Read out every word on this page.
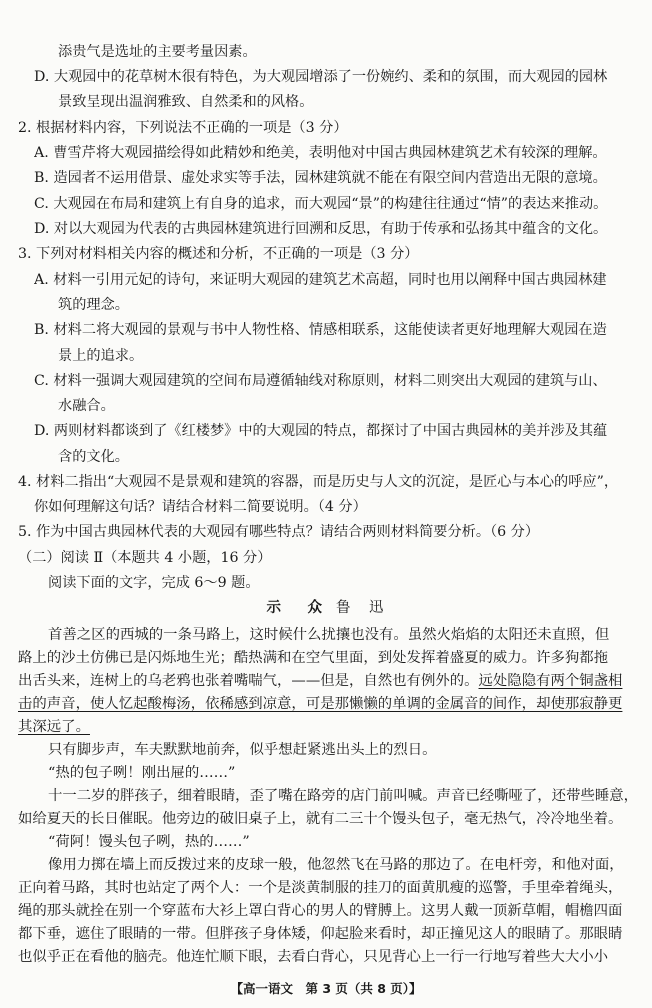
添贵气是选址的主要考量因素。
D. 大观园中的花草树木很有特色，为大观园增添了一份婉约、柔和的氛围，而大观园的园林
景致呈现出温润雅致、自然柔和的风格。
2. 根据材料内容，下列说法不正确的一项是（3 分）
A. 曹雪芹将大观园描绘得如此精妙和绝美，表明他对中国古典园林建筑艺术有较深的理解。
B. 造园者不运用借景、虚处求实等手法，园林建筑就不能在有限空间内营造出无限的意境。
C. 大观园在布局和建筑上有自身的追求，而大观园“景”的构建往往通过“情”的表达来推动。
D. 对以大观园为代表的古典园林建筑进行回溯和反思，有助于传承和弘扬其中蕴含的文化。
3. 下列对材料相关内容的概述和分析，不正确的一项是（3 分）
A. 材料一引用元妃的诗句，来证明大观园的建筑艺术高超，同时也用以阐释中国古典园林建
筑的理念。
B. 材料二将大观园的景观与书中人物性格、情感相联系，这能使读者更好地理解大观园在造
景上的追求。
C. 材料一强调大观园建筑的空间布局遵循轴线对称原则，材料二则突出大观园的建筑与山、
水融合。
D. 两则材料都谈到了《红楼梦》中的大观园的特点，都探讨了中国古典园林的美并涉及其蕴
含的文化。
4. 材料二指出“大观园不是景观和建筑的容器，而是历史与人文的沉淀，是匠心与本心的呼应”，
你如何理解这句话？请结合材料二简要说明。（4 分）
5. 作为中国古典园林代表的大观园有哪些特点？请结合两则材料简要分析。（6 分）
（二）阅读 Ⅱ（本题共 4 小题，16 分）
阅读下面的文字，完成 6～9 题。
示　众 鲁　迅
首善之区的西城的一条马路上，这时候什么扰攘也没有。虽然火焰焰的太阳还未直照，但
路上的沙土仿佛已是闪烁地生光；酷热满和在空气里面，到处发挥着盛夏的威力。许多狗都拖
出舌头来，连树上的乌老鸦也张着嘴喘气，——但是，自然也有例外的。远处隐隐有两个铜盏相
击的声音，使人忆起酸梅汤，依稀感到凉意，可是那懒懒的单调的金属音的间作，却使那寂静更
其深远了。
只有脚步声，车夫默默地前奔，似乎想赶紧逃出头上的烈日。
“热的包子咧！刚出屉的……”
十一二岁的胖孩子，细着眼睛，歪了嘴在路旁的店门前叫喊。声音已经嘶哑了，还带些睡意，
如给夏天的长日催眠。他旁边的破旧桌子上，就有二三十个馒头包子，毫无热气，冷冷地坐着。
“荷阿！馒头包子咧，热的……”
像用力掷在墙上而反拨过来的皮球一般，他忽然飞在马路的那边了。在电杆旁，和他对面，
正向着马路，其时也站定了两个人：一个是淡黄制服的挂刀的面黄肌瘦的巡警，手里牵着绳头，
绳的那头就拴在别一个穿蓝布大衫上罩白背心的男人的臂膊上。这男人戴一顶新草帽，帽檐四面
都下垂，遮住了眼睛的一带。但胖孩子身体矮，仰起脸来看时，却正撞见这人的眼睛了。那眼睛
也似乎正在看他的脑壳。他连忙顺下眼，去看白背心，只见背心上一行一行地写着些大大小小
【高一语文　第 3 页（共 8 页）】
